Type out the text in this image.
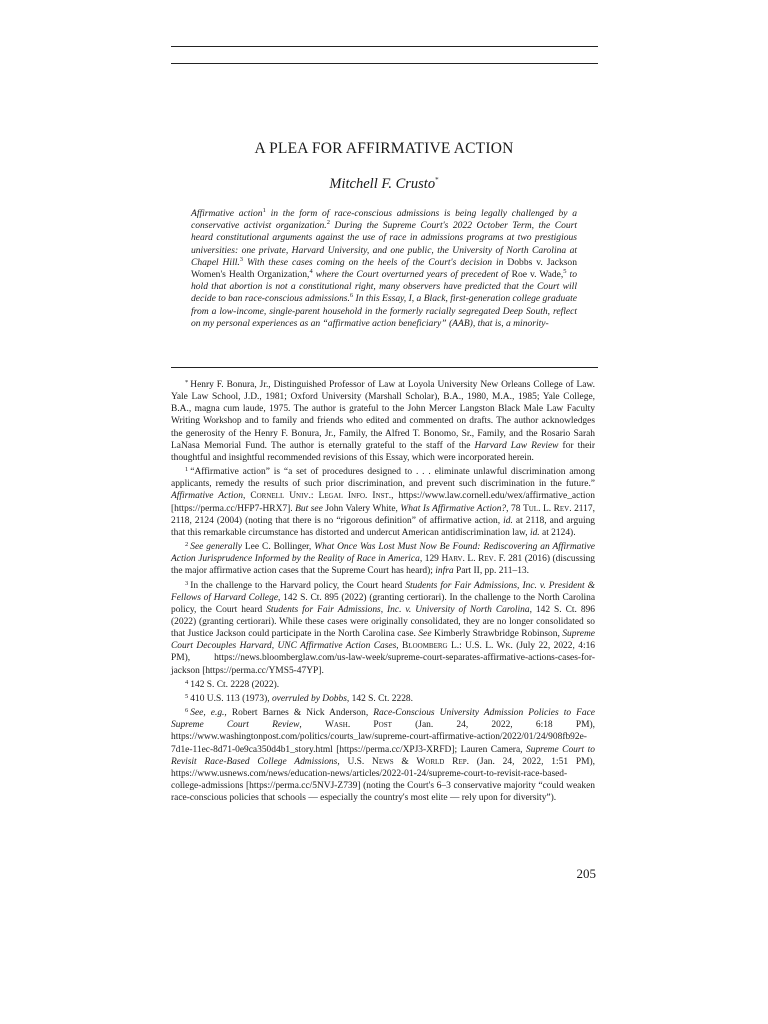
A PLEA FOR AFFIRMATIVE ACTION
Mitchell F. Crusto*
Affirmative action$^1$ in the form of race-conscious admissions is being legally challenged by a conservative activist organization.$^2$ During the Supreme Court's 2022 October Term, the Court heard constitutional arguments against the use of race in admissions programs at two prestigious universities: one private, Harvard University, and one public, the University of North Carolina at Chapel Hill.$^3$ With these cases coming on the heels of the Court's decision in Dobbs v. Jackson Women's Health Organization,$^4$ where the Court overturned years of precedent of Roe v. Wade,$^5$ to hold that abortion is not a constitutional right, many observers have predicted that the Court will decide to ban race-conscious admissions.$^6$ In this Essay, I, a Black, first-generation college graduate from a low-income, single-parent household in the formerly racially segregated Deep South, reflect on my personal experiences as an “affirmative action beneficiary” (AAB), that is, a minority-

* Henry F. Bonura, Jr., Distinguished Professor of Law at Loyola University New Orleans College of Law. Yale Law School, J.D., 1981; Oxford University (Marshall Scholar), B.A., 1980, M.A., 1985; Yale College, B.A., magna cum laude, 1975. The author is grateful to the John Mercer Langston Black Male Law Faculty Writing Workshop and to family and friends who edited and commented on drafts. The author acknowledges the generosity of the Henry F. Bonura, Jr., Family, the Alfred T. Bonomo, Sr., Family, and the Rosario Sarah LaNasa Memorial Fund. The author is eternally grateful to the staff of the Harvard Law Review for their thoughtful and insightful recommended revisions of this Essay, which were incorporated herein.

$^1$ “Affirmative action” is “a set of procedures designed to . . . eliminate unlawful discrimination among applicants, remedy the results of such prior discrimination, and prevent such discrimination in the future.” Affirmative Action, Cornell Univ.: Legal Info. Inst., https://www.law.cornell.edu/wex/affirmative_action [https://perma.cc/HFP7-HRX7]. But see John Valery White, What Is Affirmative Action?, 78 Tul. L. Rev. 2117, 2118, 2124 (2004) (noting that there is no “rigorous definition” of affirmative action, id. at 2118, and arguing that this remarkable circumstance has distorted and undercut American antidiscrimination law, id. at 2124).

$^2$ See generally Lee C. Bollinger, What Once Was Lost Must Now Be Found: Rediscovering an Affirmative Action Jurisprudence Informed by the Reality of Race in America, 129 Harv. L. Rev. F. 281 (2016) (discussing the major affirmative action cases that the Supreme Court has heard); infra Part II, pp. 211–13.

$^3$ In the challenge to the Harvard policy, the Court heard Students for Fair Admissions, Inc. v. President & Fellows of Harvard College, 142 S. Ct. 895 (2022) (granting certiorari). In the challenge to the North Carolina policy, the Court heard Students for Fair Admissions, Inc. v. University of North Carolina, 142 S. Ct. 896 (2022) (granting certiorari). While these cases were originally consolidated, they are no longer consolidated so that Justice Jackson could participate in the North Carolina case. See Kimberly Strawbridge Robinson, Supreme Court Decouples Harvard, UNC Affirmative Action Cases, Bloomberg L.: U.S. L. Wk. (July 22, 2022, 4:16 PM), https://news.bloomberglaw.com/us-law-week/supreme-court-separates-affirmative-actions-cases-for-jackson [https://perma.cc/YMS5-47YP].

$^4$ 142 S. Ct. 2228 (2022).

$^5$ 410 U.S. 113 (1973), overruled by Dobbs, 142 S. Ct. 2228.

$^6$ See, e.g., Robert Barnes & Nick Anderson, Race-Conscious University Admission Policies to Face Supreme Court Review, Wash. Post (Jan. 24, 2022, 6:18 PM), https://www.washingtonpost.com/politics/courts_law/supreme-court-affirmative-action/2022/01/24/908fb92e-7d1e-11ec-8d71-0e9ca350d4b1_story.html [https://perma.cc/XPJ3-XRFD]; Lauren Camera, Supreme Court to Revisit Race-Based College Admissions, U.S. News & World Rep. (Jan. 24, 2022, 1:51 PM), https://www.usnews.com/news/education-news/articles/2022-01-24/supreme-court-to-revisit-race-based-college-admissions [https://perma.cc/5NVJ-Z739] (noting the Court's 6–3 conservative majority “could weaken race-conscious policies that schools — especially the country's most elite — rely upon for diversity”).

205
